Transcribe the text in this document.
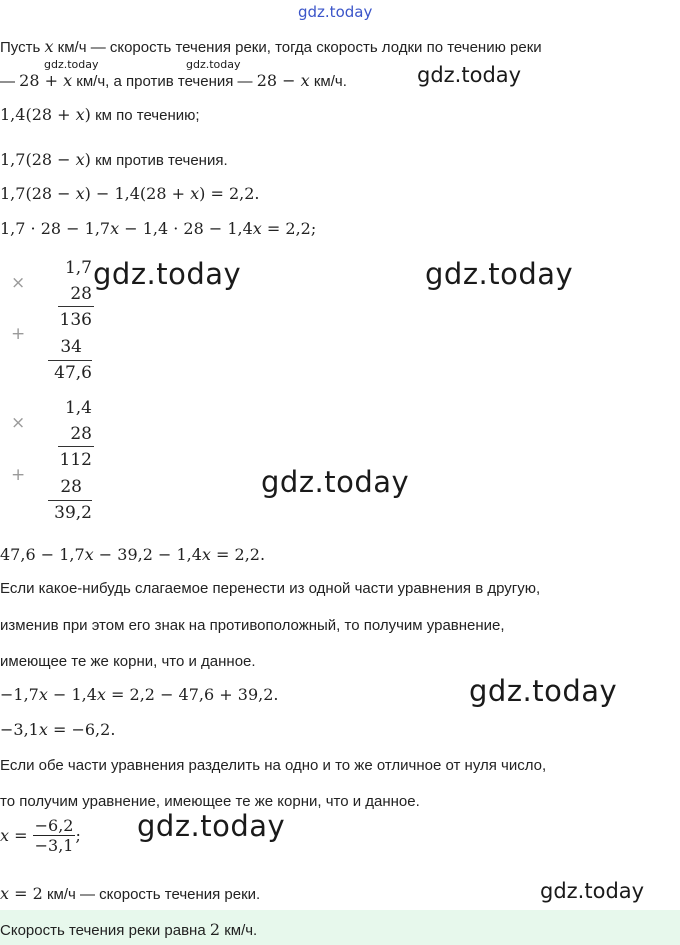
gdz.today
Пусть x км/ч — скорость течения реки, тогда скорость лодки по течению реки
gdz.today	gdz.today
— 28 + x км/ч, а против течения — 28 − x км/ч.	gdz.today
1,4(28 + x) км по течению;
1,7(28 − x) км против течения.
1,7(28 − x) − 1,4(28 + x) = 2,2.
1,7 · 28 − 1,7x − 1,4 · 28 − 1,4x = 2,2;
×
1,7
28
136
+
34
47,6
gdz.today	gdz.today
×
1,4
28
112
+
28
39,2
gdz.today
47,6 − 1,7x − 39,2 − 1,4x = 2,2.
Если какое-нибудь слагаемое перенести из одной части уравнения в другую,
изменив при этом его знак на противоположный, то получим уравнение,
имеющее те же корни, что и данное.
−1,7x − 1,4x = 2,2 − 47,6 + 39,2.	gdz.today
−3,1x = −6,2.
Если обе части уравнения разделить на одно и то же отличное от нуля число,
то получим уравнение, имеющее те же корни, что и данное.
$x = \frac{-6,2}{-3,1}$ ; gdz.today
x = 2 км/ч — скорость течения реки.	gdz.today
Скорость течения реки равна 2 км/ч.
